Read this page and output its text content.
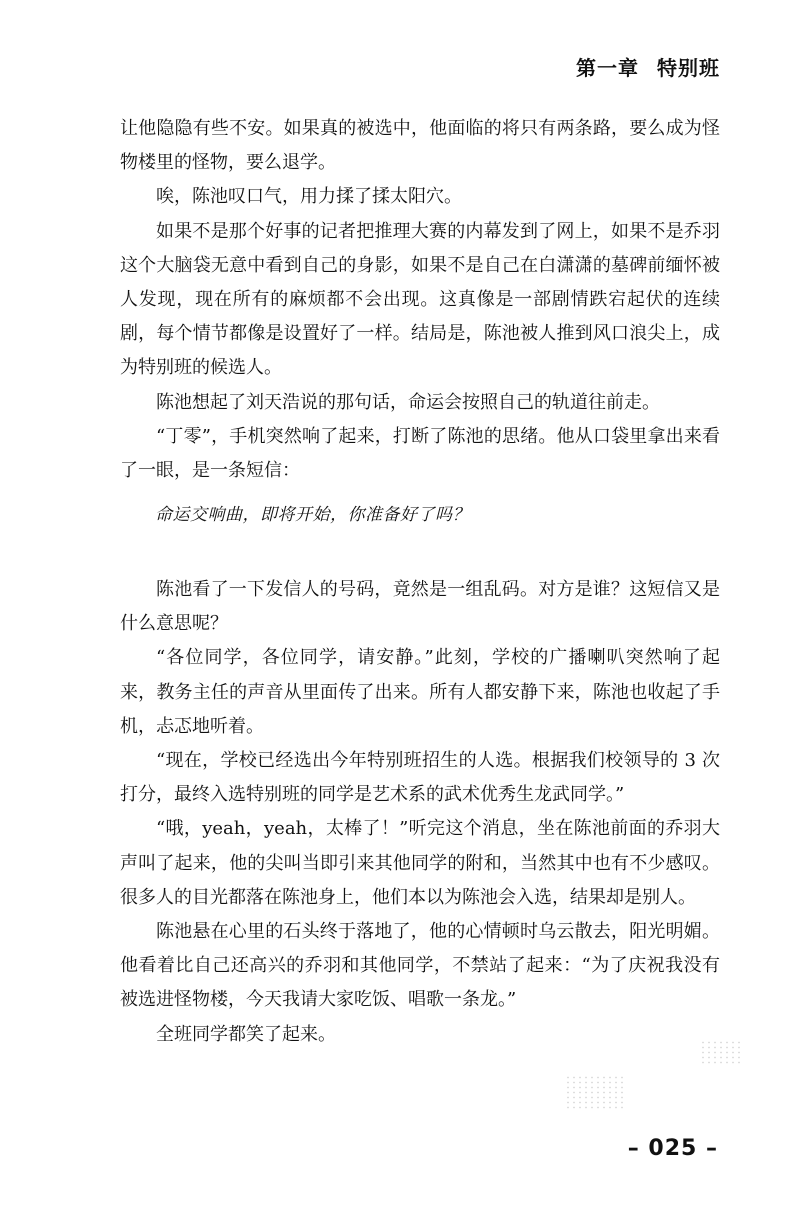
第一章 特别班

让他隐隐有些不安。如果真的被选中，他面临的将只有两条路，要么成为怪物楼里的怪物，要么退学。

唉，陈池叹口气，用力揉了揉太阳穴。

如果不是那个好事的记者把推理大赛的内幕发到了网上，如果不是乔羽这个大脑袋无意中看到自己的身影，如果不是自己在白潇潇的墓碑前缅怀被人发现，现在所有的麻烦都不会出现。这真像是一部剧情跌宕起伏的连续剧，每个情节都像是设置好了一样。结局是，陈池被人推到风口浪尖上，成为特别班的候选人。

陈池想起了刘天浩说的那句话，命运会按照自己的轨道往前走。

“丁零”，手机突然响了起来，打断了陈池的思绪。他从口袋里拿出来看了一眼，是一条短信：

命运交响曲，即将开始，你准备好了吗？

陈池看了一下发信人的号码，竟然是一组乱码。对方是谁？这短信又是什么意思呢？

“各位同学，各位同学，请安静。”此刻，学校的广播喇叭突然响了起来，教务主任的声音从里面传了出来。所有人都安静下来，陈池也收起了手机，忐忑地听着。

“现在，学校已经选出今年特别班招生的人选。根据我们校领导的 3 次打分，最终入选特别班的同学是艺术系的武术优秀生龙武同学。”

“哦，yeah，yeah，太棒了！”听完这个消息，坐在陈池前面的乔羽大声叫了起来，他的尖叫当即引来其他同学的附和，当然其中也有不少感叹。很多人的目光都落在陈池身上，他们本以为陈池会入选，结果却是别人。

陈池悬在心里的石头终于落地了，他的心情顿时乌云散去，阳光明媚。他看着比自己还高兴的乔羽和其他同学，不禁站了起来：“为了庆祝我没有被选进怪物楼，今天我请大家吃饭、唱歌一条龙。”

全班同学都笑了起来。

– 025 –
